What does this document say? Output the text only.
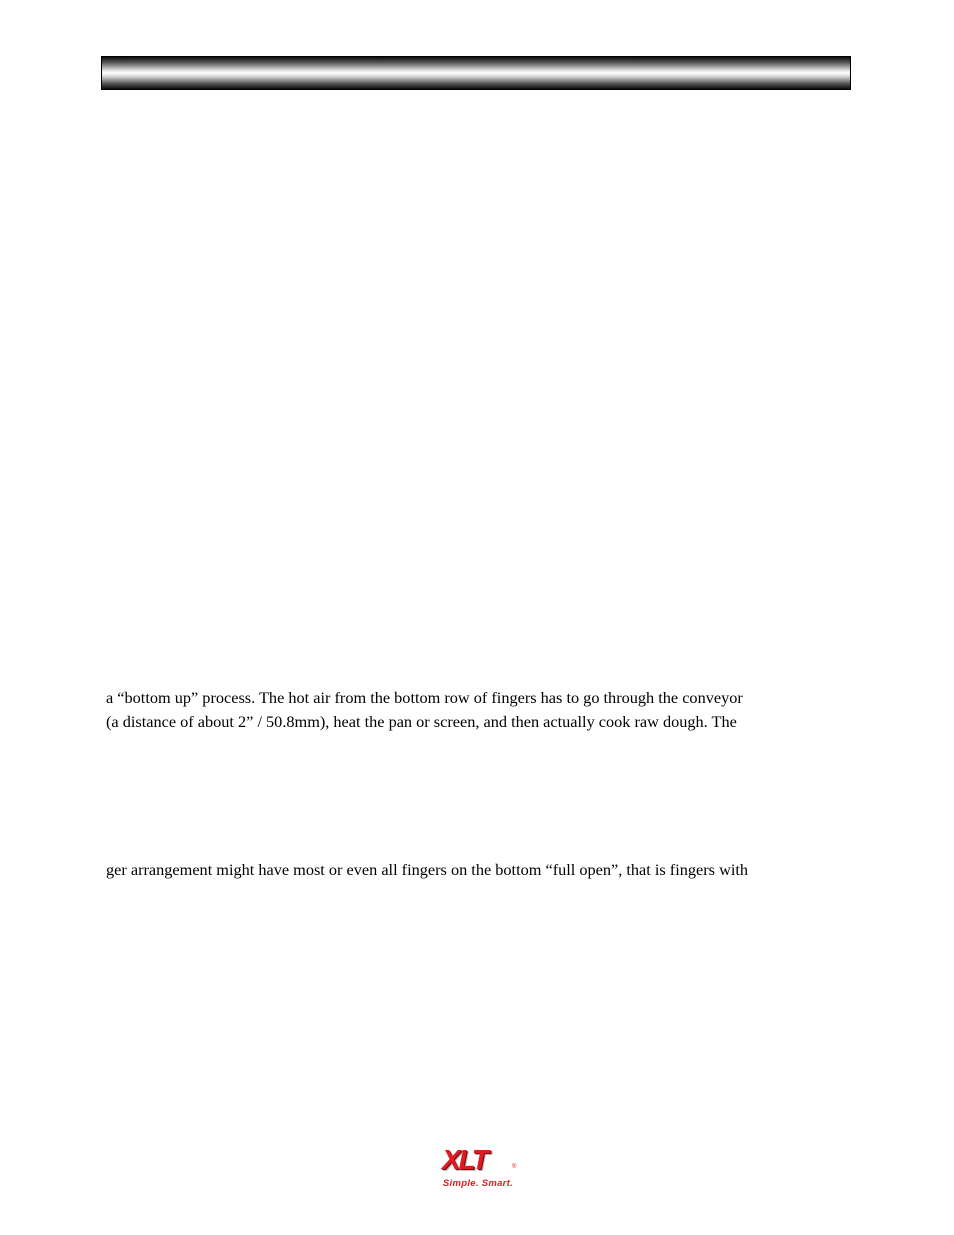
a “bottom up” process. The hot air from the bottom row of fingers has to go through the conveyor
(a distance of about 2” / 50.8mm), heat the pan or screen, and then actually cook raw dough. The
ger arrangement might have most or even all fingers on the bottom “full open”, that is fingers with
XLT	®
Simple. Smart.
